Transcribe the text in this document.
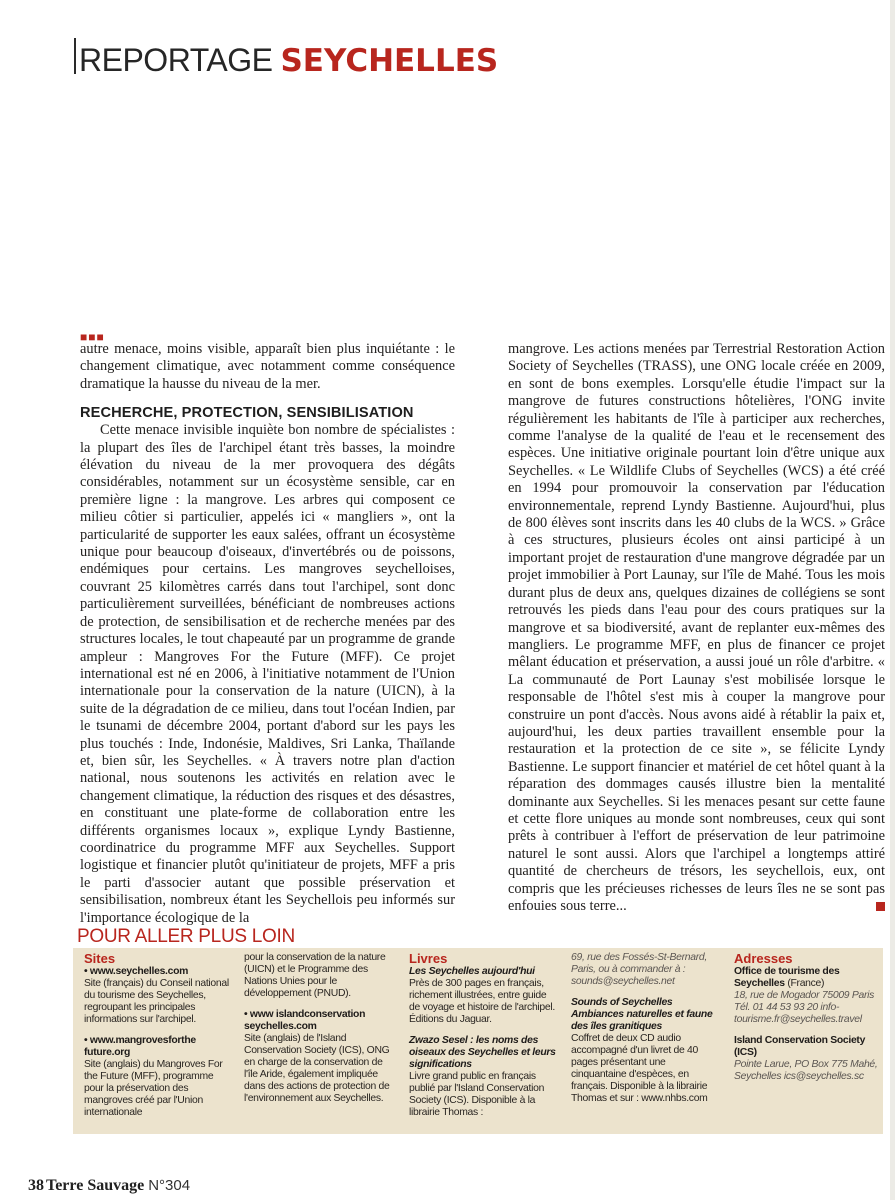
REPORTAGE SEYCHELLES
■■■

autre menace, moins visible, apparaît bien plus inquiétante : le changement climatique, avec notamment comme conséquence dramatique la hausse du niveau de la mer.

RECHERCHE, PROTECTION, SENSIBILISATION

Cette menace invisible inquiète bon nombre de spécialistes : la plupart des îles de l'archipel étant très basses, la moindre élévation du niveau de la mer provoquera des dégâts considérables, notamment sur un écosystème sensible, car en première ligne : la mangrove. Les arbres qui composent ce milieu côtier si particulier, appelés ici « mangliers », ont la particularité de supporter les eaux salées, offrant un écosystème unique pour beaucoup d'oiseaux, d'invertébrés ou de poissons, endémiques pour certains. Les mangroves seychelloises, couvrant 25 kilomètres carrés dans tout l'archipel, sont donc particulièrement surveillées, bénéficiant de nombreuses actions de protection, de sensibilisation et de recherche menées par des structures locales, le tout chapeauté par un programme de grande ampleur : Mangroves For the Future (MFF). Ce projet international est né en 2006, à l'initiative notamment de l'Union internationale pour la conservation de la nature (UICN), à la suite de la dégradation de ce milieu, dans tout l'océan Indien, par le tsunami de décembre 2004, portant d'abord sur les pays les plus touchés : Inde, Indonésie, Maldives, Sri Lanka, Thaïlande et, bien sûr, les Seychelles. « À travers notre plan d'action national, nous soutenons les activités en relation avec le changement climatique, la réduction des risques et des désastres, en constituant une plate-forme de collaboration entre les différents organismes locaux », explique Lyndy Bastienne, coordinatrice du programme MFF aux Seychelles. Support logistique et financier plutôt qu'initiateur de projets, MFF a pris le parti d'associer autant que possible préservation et sensibilisation, nombreux étant les Seychellois peu informés sur l'importance écologique de la

mangrove. Les actions menées par Terrestrial Restoration Action Society of Seychelles (TRASS), une ONG locale créée en 2009, en sont de bons exemples. Lorsqu'elle étudie l'impact sur la mangrove de futures constructions hôtelières, l'ONG invite régulièrement les habitants de l'île à participer aux recherches, comme l'analyse de la qualité de l'eau et le recensement des espèces. Une initiative originale pourtant loin d'être unique aux Seychelles. « Le Wildlife Clubs of Seychelles (WCS) a été créé en 1994 pour promouvoir la conservation par l'éducation environnementale, reprend Lyndy Bastienne. Aujourd'hui, plus de 800 élèves sont inscrits dans les 40 clubs de la WCS. » Grâce à ces structures, plusieurs écoles ont ainsi participé à un important projet de restauration d'une mangrove dégradée par un projet immobilier à Port Launay, sur l'île de Mahé. Tous les mois durant plus de deux ans, quelques dizaines de collégiens se sont retrouvés les pieds dans l'eau pour des cours pratiques sur la mangrove et sa biodiversité, avant de replanter eux-mêmes des mangliers. Le programme MFF, en plus de financer ce projet mêlant éducation et préservation, a aussi joué un rôle d'arbitre. « La communauté de Port Launay s'est mobilisée lorsque le responsable de l'hôtel s'est mis à couper la mangrove pour construire un pont d'accès. Nous avons aidé à rétablir la paix et, aujourd'hui, les deux parties travaillent ensemble pour la restauration et la protection de ce site », se félicite Lyndy Bastienne. Le support financier et matériel de cet hôtel quant à la réparation des dommages causés illustre bien la mentalité dominante aux Seychelles. Si les menaces pesant sur cette faune et cette flore uniques au monde sont nombreuses, ceux qui sont prêts à contribuer à l'effort de préservation de leur patrimoine naturel le sont aussi. Alors que l'archipel a longtemps attiré quantité de chercheurs de trésors, les seychellois, eux, ont compris que les précieuses richesses de leurs îles ne se sont pas enfouies sous terre...

POUR ALLER PLUS LOIN
Sites
• www.seychelles.com
Site (français) du Conseil national du tourisme des Seychelles, regroupant les principales informations sur l'archipel.
• www.mangrovesforthe future.org
Site (anglais) du Mangroves For the Future (MFF), programme pour la préservation des mangroves créé par l'Union internationale
pour la conservation de la nature (UICN) et le Programme des Nations Unies pour le développement (PNUD).
• www islandconservation seychelles.com
Site (anglais) de l'Island Conservation Society (ICS), ONG en charge de la conservation de l'île Aride, également impliquée dans des actions de protection de l'environnement aux Seychelles.
Livres
Les Seychelles aujourd'hui
Près de 300 pages en français, richement illustrées, entre guide de voyage et histoire de l'archipel. Éditions du Jaguar.
Zwazo Sesel : les noms des oiseaux des Seychelles et leurs significations
Livre grand public en français publié par l'Island Conservation Society (ICS). Disponible à la librairie Thomas :
69, rue des Fossés-St-Bernard, Paris, ou à commander à : sounds@seychelles.net
Sounds of Seychelles Ambiances naturelles et faune des îles granitiques
Coffret de deux CD audio accompagné d'un livret de 40 pages présentant une cinquantaine d'espèces, en français. Disponible à la librairie Thomas et sur : www.nhbs.com
Adresses
Office de tourisme des Seychelles (France)
18, rue de Mogador 75009 Paris Tél. 01 44 53 93 20 info-tourisme.fr@seychelles.travel
Island Conservation Society (ICS)
Pointe Larue, PO Box 775 Mahé, Seychelles ics@seychelles.sc
38 Terre Sauvage N°304
